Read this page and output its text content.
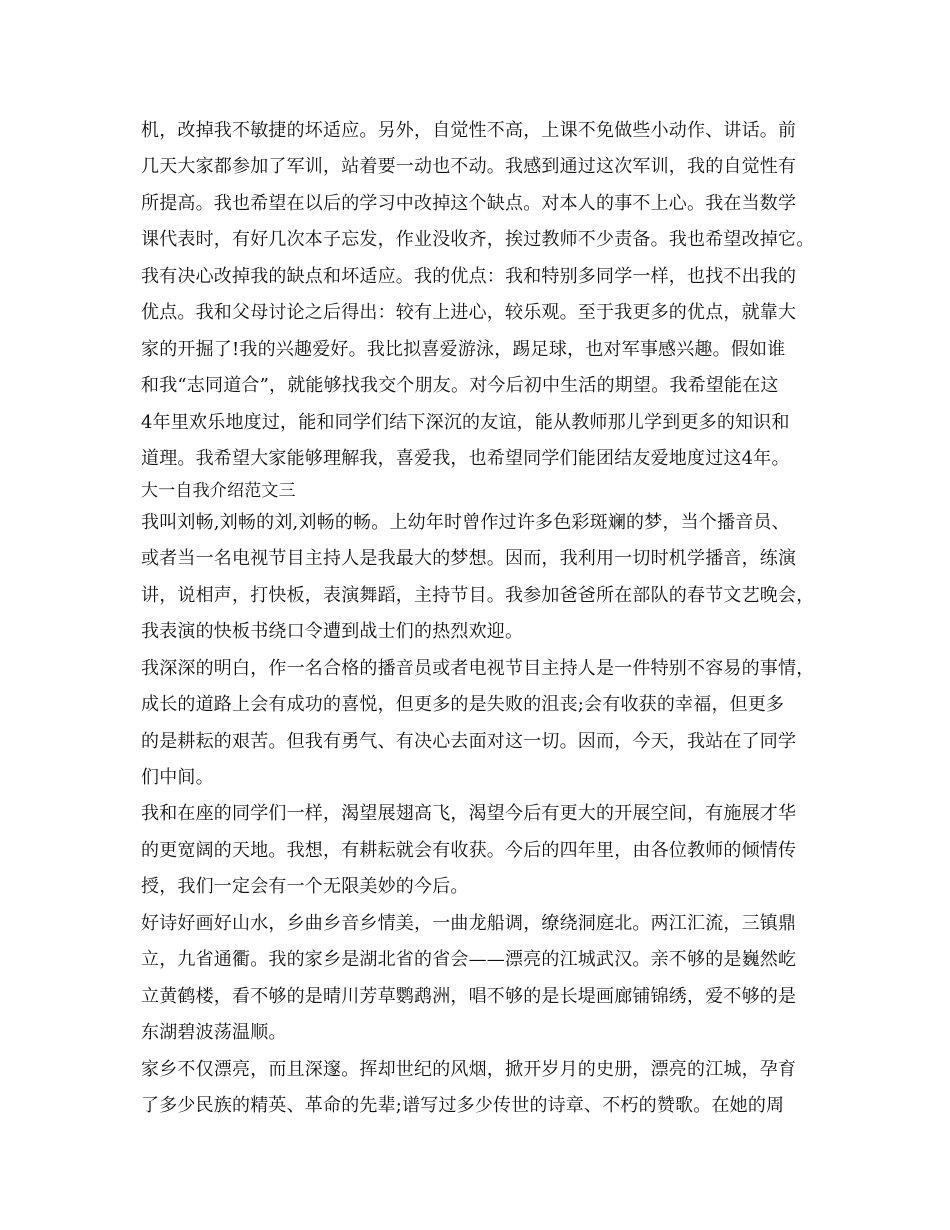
机，改掉我不敏捷的坏适应。另外，自觉性不高，上课不免做些小动作、讲话。前
几天大家都参加了军训，站着要一动也不动。我感到通过这次军训，我的自觉性有
所提高。我也希望在以后的学习中改掉这个缺点。对本人的事不上心。我在当数学
课代表时，有好几次本子忘发，作业没收齐，挨过教师不少责备。我也希望改掉它。
我有决心改掉我的缺点和坏适应。我的优点：我和特别多同学一样，也找不出我的
优点。我和父母讨论之后得出：较有上进心，较乐观。至于我更多的优点，就靠大
家的开掘了!我的兴趣爱好。我比拟喜爱游泳，踢足球，也对军事感兴趣。假如谁
和我“志同道合”，就能够找我交个朋友。对今后初中生活的期望。我希望能在这
4年里欢乐地度过，能和同学们结下深沉的友谊，能从教师那儿学到更多的知识和
道理。我希望大家能够理解我，喜爱我，也希望同学们能团结友爱地度过这4年。
大一自我介绍范文三
我叫刘畅,刘畅的刘,刘畅的畅。上幼年时曾作过许多色彩斑斓的梦，当个播音员、
或者当一名电视节目主持人是我最大的梦想。因而，我利用一切时机学播音，练演
讲，说相声，打快板，表演舞蹈，主持节目。我参加爸爸所在部队的春节文艺晚会，
我表演的快板书绕口令遭到战士们的热烈欢迎。
我深深的明白，作一名合格的播音员或者电视节目主持人是一件特别不容易的事情，
成长的道路上会有成功的喜悦，但更多的是失败的沮丧;会有收获的幸福，但更多
的是耕耘的艰苦。但我有勇气、有决心去面对这一切。因而，今天，我站在了同学
们中间。
我和在座的同学们一样，渴望展翅高飞，渴望今后有更大的开展空间，有施展才华
的更宽阔的天地。我想，有耕耘就会有收获。今后的四年里，由各位教师的倾情传
授，我们一定会有一个无限美妙的今后。
好诗好画好山水，乡曲乡音乡情美，一曲龙船调，缭绕洞庭北。两江汇流，三镇鼎
立，九省通衢。我的家乡是湖北省的省会——漂亮的江城武汉。亲不够的是巍然屹
立黄鹤楼，看不够的是晴川芳草鹦鹉洲，唱不够的是长堤画廊铺锦绣，爱不够的是
东湖碧波荡温顺。
家乡不仅漂亮，而且深邃。挥却世纪的风烟，掀开岁月的史册，漂亮的江城，孕育
了多少民族的精英、革命的先辈;谱写过多少传世的诗章、不朽的赞歌。在她的周
